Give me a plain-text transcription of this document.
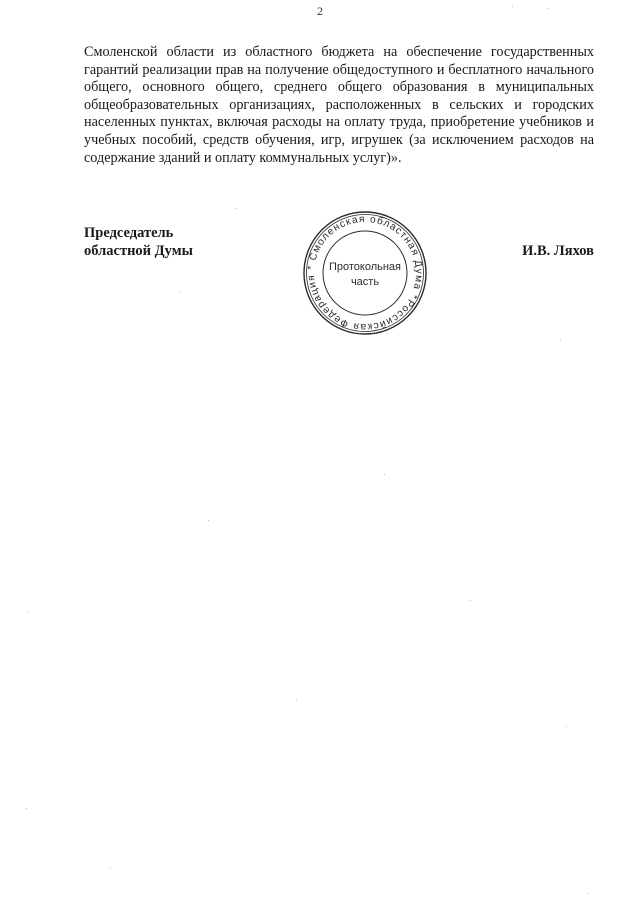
2

Смоленской области из областного бюджета на обеспечение государственных гарантий реализации прав на получение общедоступного и бесплатного начального общего, основного общего, среднего общего образования в муниципальных общеобразовательных организациях, расположенных в сельских и городских населенных пунктах, включая расходы на оплату труда, приобретение учебников и учебных пособий, средств обучения, игр, игрушек (за исключением расходов на содержание зданий и оплату коммунальных услуг)».

Председатель
областной Думы
Российская Федерация * Смоленская областная Дума *
Протокольная
часть
И.В. Ляхов
